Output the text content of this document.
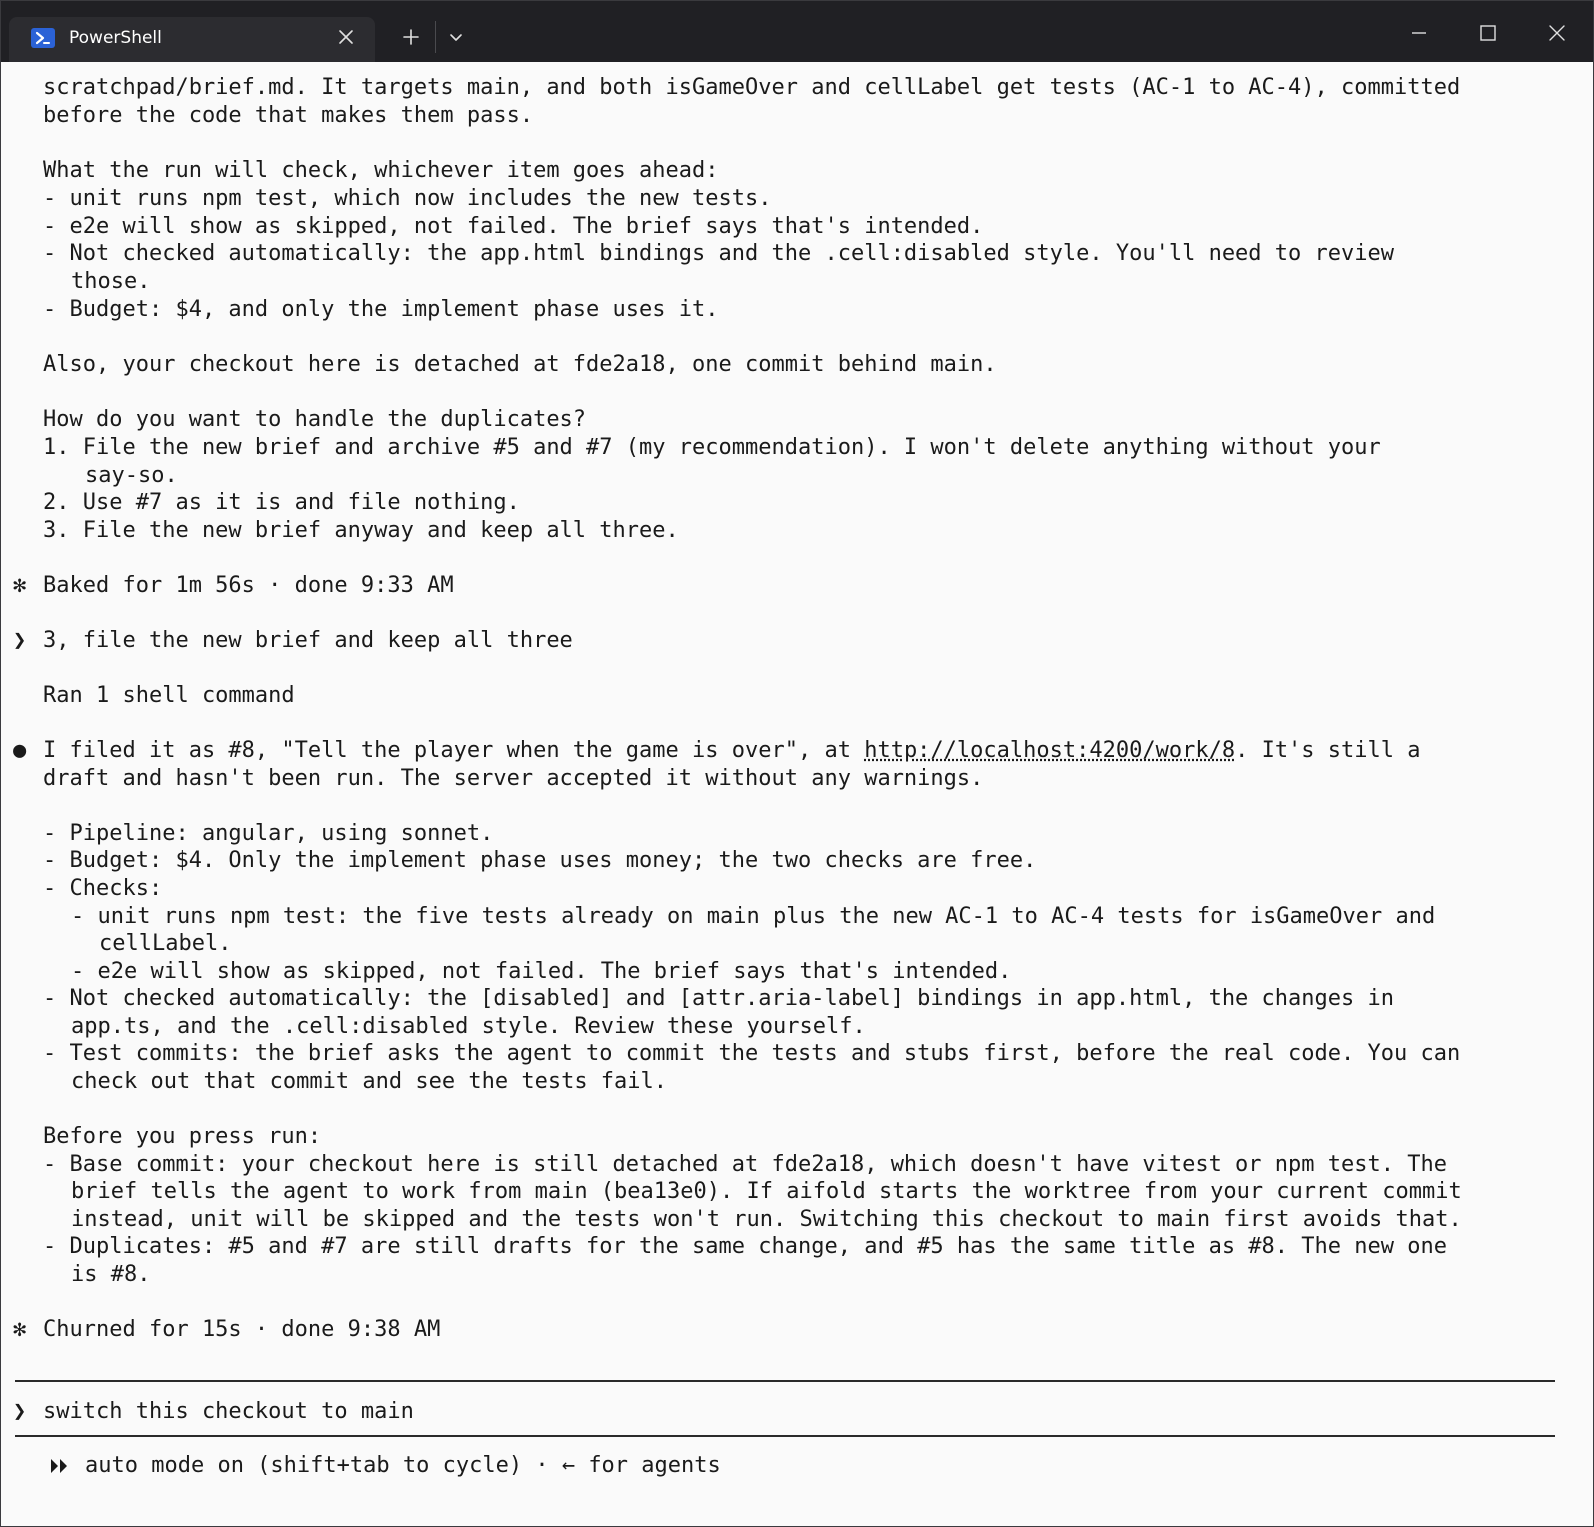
PowerShell
scratchpad/brief.md. It targets main, and both isGameOver and cellLabel get tests (AC-1 to AC-4), committed
before the code that makes them pass.
What the run will check, whichever item goes ahead:
- unit runs npm test, which now includes the new tests.
- e2e will show as skipped, not failed. The brief says that's intended.
- Not checked automatically: the app.html bindings and the .cell:disabled style. You'll need to review
those.
- Budget: $4, and only the implement phase uses it.
Also, your checkout here is detached at fde2a18, one commit behind main.
How do you want to handle the duplicates?
1. File the new brief and archive #5 and #7 (my recommendation). I won't delete anything without your
say-so.
2. Use #7 as it is and file nothing.
3. File the new brief anyway and keep all three.
✻ Baked for 1m 56s · done 9:33 AM
❯ 3, file the new brief and keep all three
Ran 1 shell command
● I filed it as #8, "Tell the player when the game is over", at http://localhost:4200/work/8. It's still a
draft and hasn't been run. The server accepted it without any warnings.
- Pipeline: angular, using sonnet.
- Budget: $4. Only the implement phase uses money; the two checks are free.
- Checks:
- unit runs npm test: the five tests already on main plus the new AC-1 to AC-4 tests for isGameOver and
cellLabel.
- e2e will show as skipped, not failed. The brief says that's intended.
- Not checked automatically: the [disabled] and [attr.aria-label] bindings in app.html, the changes in
app.ts, and the .cell:disabled style. Review these yourself.
- Test commits: the brief asks the agent to commit the tests and stubs first, before the real code. You can
check out that commit and see the tests fail.
Before you press run:
- Base commit: your checkout here is still detached at fde2a18, which doesn't have vitest or npm test. The
brief tells the agent to work from main (bea13e0). If aifold starts the worktree from your current commit
instead, unit will be skipped and the tests won't run. Switching this checkout to main first avoids that.
- Duplicates: #5 and #7 are still drafts for the same change, and #5 has the same title as #8. The new one
is #8.
✻ Churned for 15s · done 9:38 AM
❯ switch this checkout to main
auto mode on (shift+tab to cycle) · ← for agents
